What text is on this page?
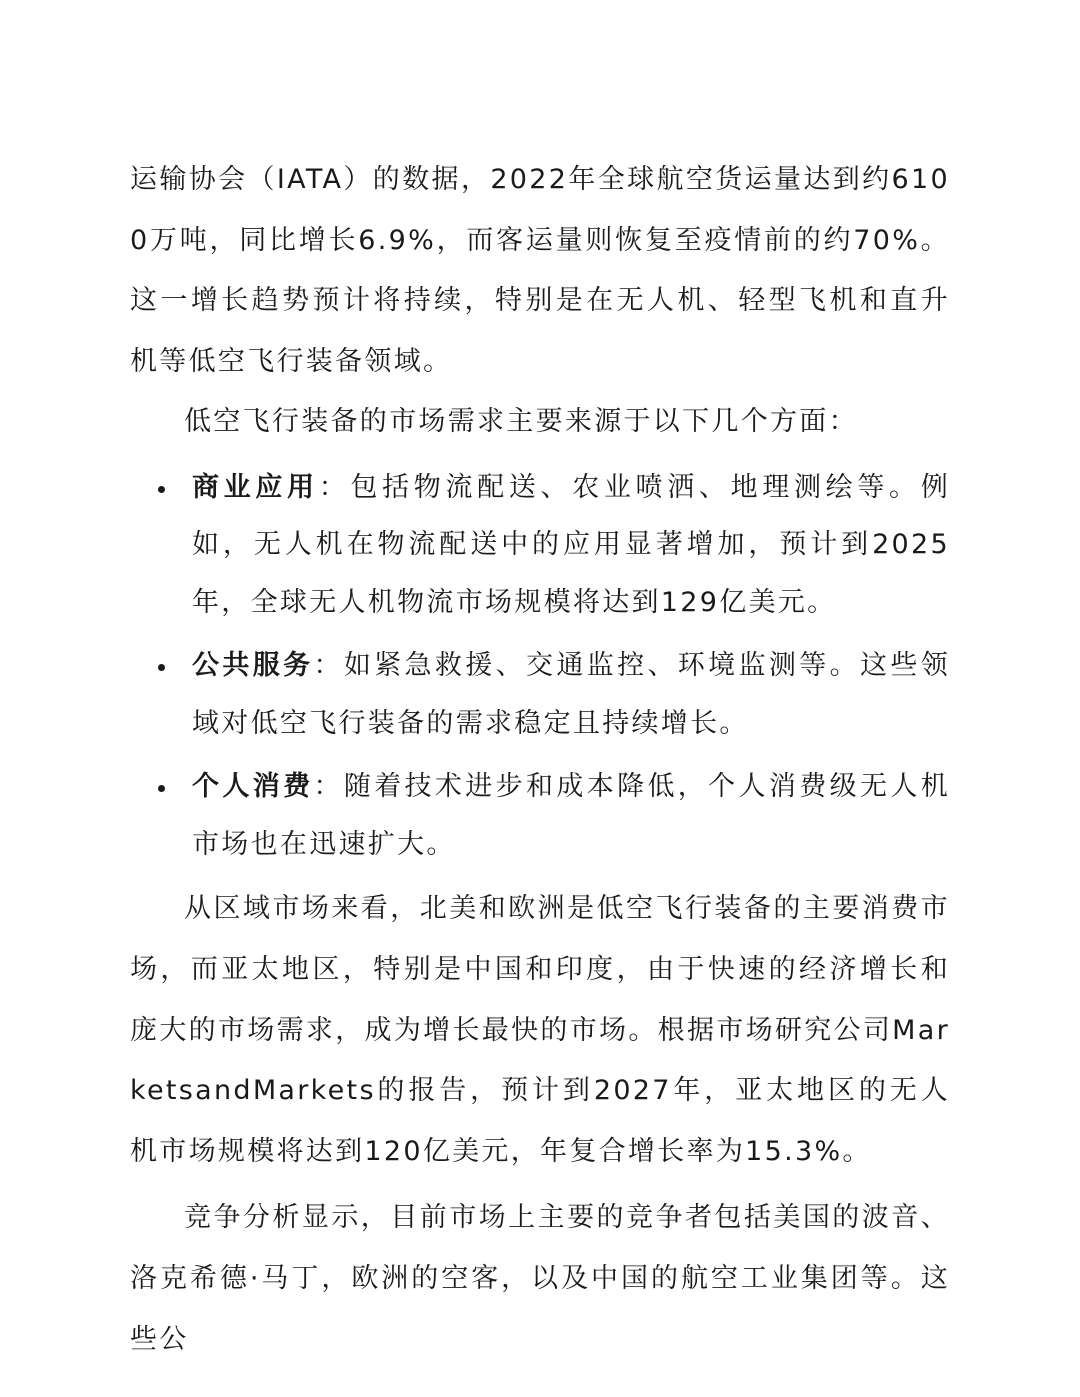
运输协会（IATA）的数据，2022年全球航空货运量达到约6100万吨，同比增长6.9%，而客运量则恢复至疫情前的约70%。这一增长趋势预计将持续，特别是在无人机、轻型飞机和直升机等低空飞行装备领域。

低空飞行装备的市场需求主要来源于以下几个方面：

商业应用：包括物流配送、农业喷洒、地理测绘等。例如，无人机在物流配送中的应用显著增加，预计到2025年，全球无人机物流市场规模将达到129亿美元。

公共服务：如紧急救援、交通监控、环境监测等。这些领域对低空飞行装备的需求稳定且持续增长。

个人消费：随着技术进步和成本降低，个人消费级无人机市场也在迅速扩大。

从区域市场来看，北美和欧洲是低空飞行装备的主要消费市场，而亚太地区，特别是中国和印度，由于快速的经济增长和庞大的市场需求，成为增长最快的市场。根据市场研究公司MarketsandMarkets的报告，预计到2027年，亚太地区的无人机市场规模将达到120亿美元，年复合增长率为15.3%。

竞争分析显示，目前市场上主要的竞争者包括美国的波音、洛克希德·马丁，欧洲的空客，以及中国的航空工业集团等。这些公
